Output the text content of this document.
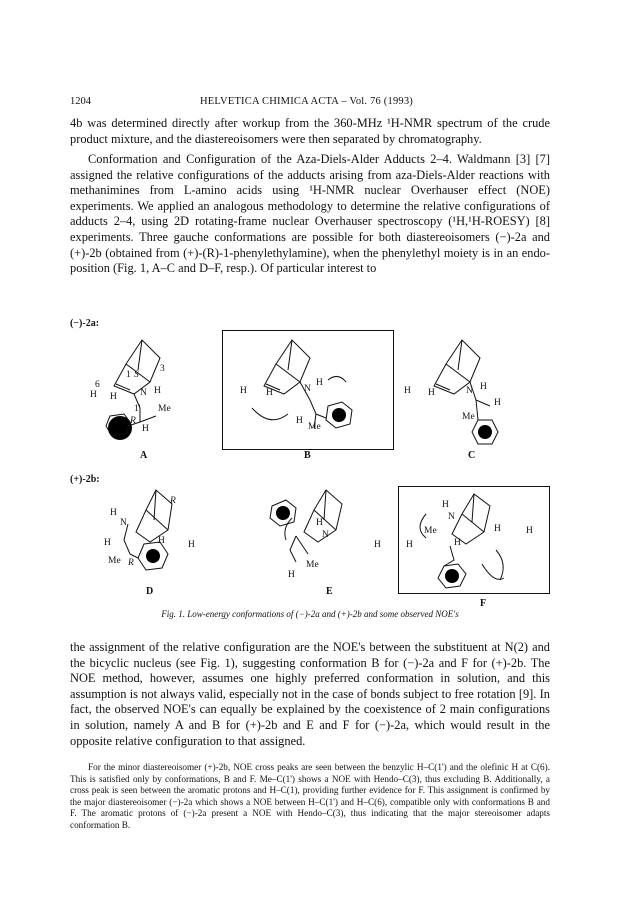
1204	HELVETICA CHIMICA ACTA – Vol. 76 (1993)
4b was determined directly after workup from the 360-MHz ¹H-NMR spectrum of the crude product mixture, and the diastereoisomers were then separated by chromatography.
Conformation and Configuration of the Aza-Diels-Alder Adducts 2–4. Waldmann [3] [7] assigned the relative configurations of the adducts arising from aza-Diels-Alder reactions with methanimines from L-amino acids using ¹H-NMR nuclear Overhauser effect (NOE) experiments. We applied an analogous methodology to determine the relative configurations of adducts 2–4, using 2D rotating-frame nuclear Overhauser spectroscopy (¹H,¹H-ROESY) [8] experiments. Three gauche conformations are possible for both diastereoisomers (−)-2a and (+)-2b (obtained from (+)-(R)-1-phenylethylamine), when the phenylethyl moiety is in an endo-position (Fig. 1, A–C and D–F, resp.). Of particular interest to
(−)-2a:
(+)-2b:
6
H H
1 S
3
N H
1' Me
R
H
A
H H	N
H
H
Me
B
H H	N H
H
Me
C
H
N
R
H	H H
Me R
D
H
N
H	H
Me
H
E
H
N
Me
H
H	H
F
Fig. 1. Low-energy conformations of (−)-2a and (+)-2b and some observed NOE's
the assignment of the relative configuration are the NOE's between the substituent at N(2) and the bicyclic nucleus (see Fig. 1), suggesting conformation B for (−)-2a and F for (+)-2b. The NOE method, however, assumes one highly preferred conformation in solution, and this assumption is not always valid, especially not in the case of bonds subject to free rotation [9]. In fact, the observed NOE's can equally be explained by the coexistence of 2 main configurations in solution, namely A and B for (+)-2b and E and F for (−)-2a, which would result in the opposite relative configuration to that assigned.
For the minor diastereoisomer (+)-2b, NOE cross peaks are seen between the benzylic H–C(1') and the olefinic H at C(6). This is satisfied only by conformations, B and F. Me–C(1') shows a NOE with Hendo–C(3), thus excluding B. Additionally, a cross peak is seen between the aromatic protons and H–C(1), providing further evidence for F. This assignment is confirmed by the major diastereoisomer (−)-2a which shows a NOE between H–C(1') and H–C(6), compatible only with conformations B and F. The aromatic protons of (−)-2a present a NOE with Hendo–C(3), thus indicating that the major stereoisomer adapts conformation B.
